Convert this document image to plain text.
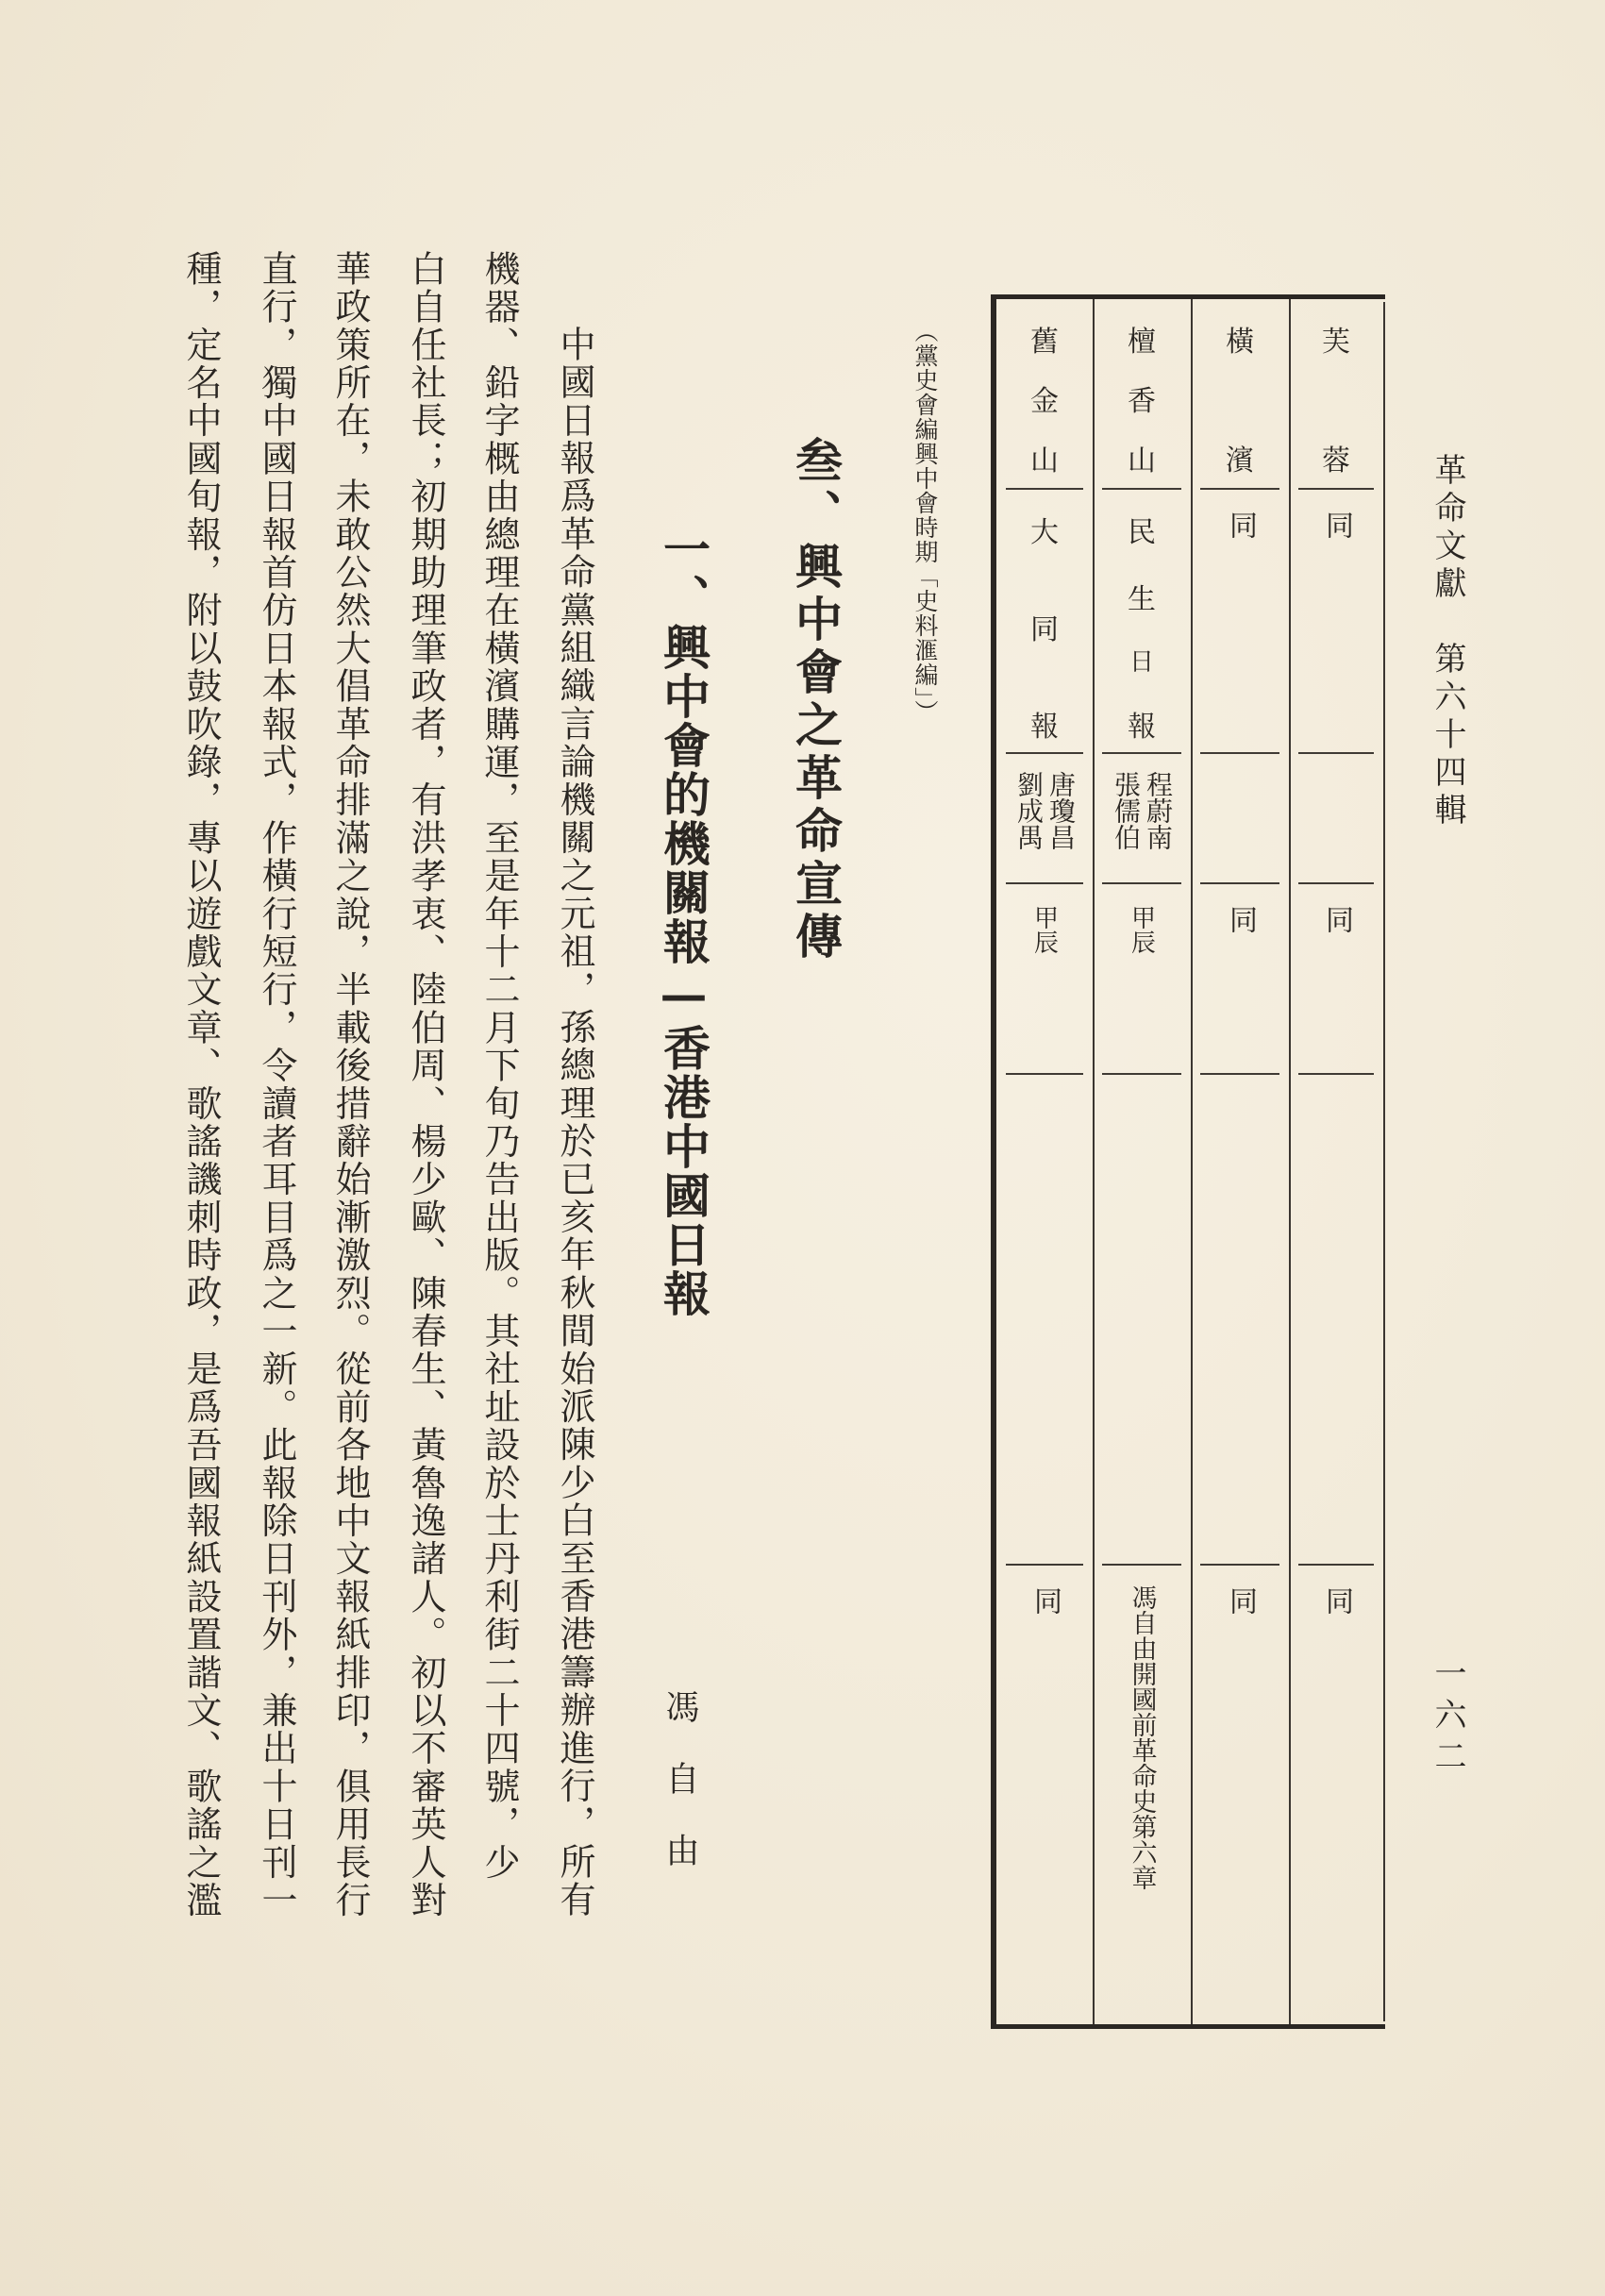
革命文獻　第六十四輯
一六二
芙
蓉
同
同
同
橫
濱
同
同
同
檀
香
山
民
生
日
報
程蔚南
張儒伯
甲辰
馮自由開國前革命史第六章
舊
金
山
大
同
報
唐瓊昌
劉成禺
甲辰
同
（黨史會編興中會時期「史料滙編」）
叁、興中會之革命宣傳
一、興中會的機關報—香港中國日報
馮自由
中國日報爲革命黨組織言論機關之元祖，孫總理於已亥年秋間始派陳少白至香港籌辦進行，所有
機器、鉛字概由總理在橫濱購運，至是年十二月下旬乃告出版。其社址設於士丹利街二十四號，少
白自任社長；初期助理筆政者，有洪孝衷、陸伯周、楊少歐、陳春生、黃魯逸諸人。初以不審英人對
華政策所在，未敢公然大倡革命排滿之說，半載後措辭始漸激烈。從前各地中文報紙排印，俱用長行
直行，獨中國日報首仿日本報式，作橫行短行，令讀者耳目爲之一新。此報除日刊外，兼出十日刊一
種，定名中國旬報，附以鼓吹錄，專以遊戲文章、歌謠譏刺時政，是爲吾國報紙設置諧文、歌謠之濫
